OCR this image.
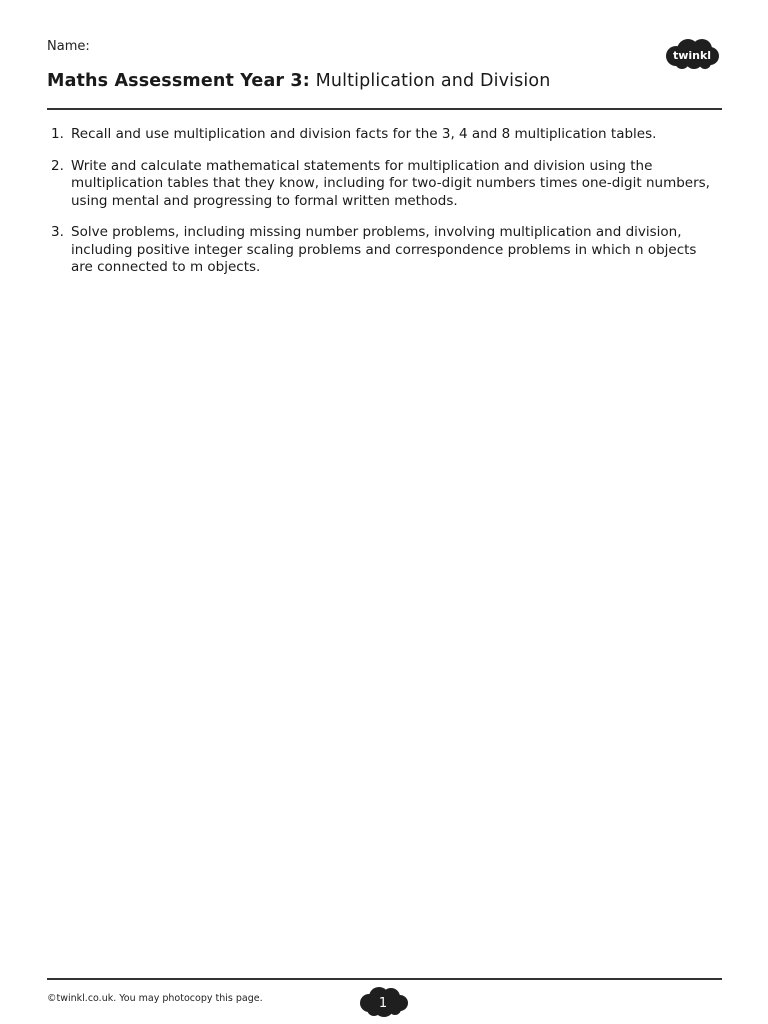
Name:
twinkl
Maths Assessment Year 3: Multiplication and Division
1. Recall and use multiplication and division facts for the 3, 4 and 8 multiplication tables.
2. Write and calculate mathematical statements for multiplication and division using the multiplication tables that they know, including for two-digit numbers times one-digit numbers, using mental and progressing to formal written methods.
3. Solve problems, including missing number problems, involving multiplication and division, including positive integer scaling problems and correspondence problems in which n objects are connected to m objects.
©twinkl.co.uk. You may photocopy this page.	1
